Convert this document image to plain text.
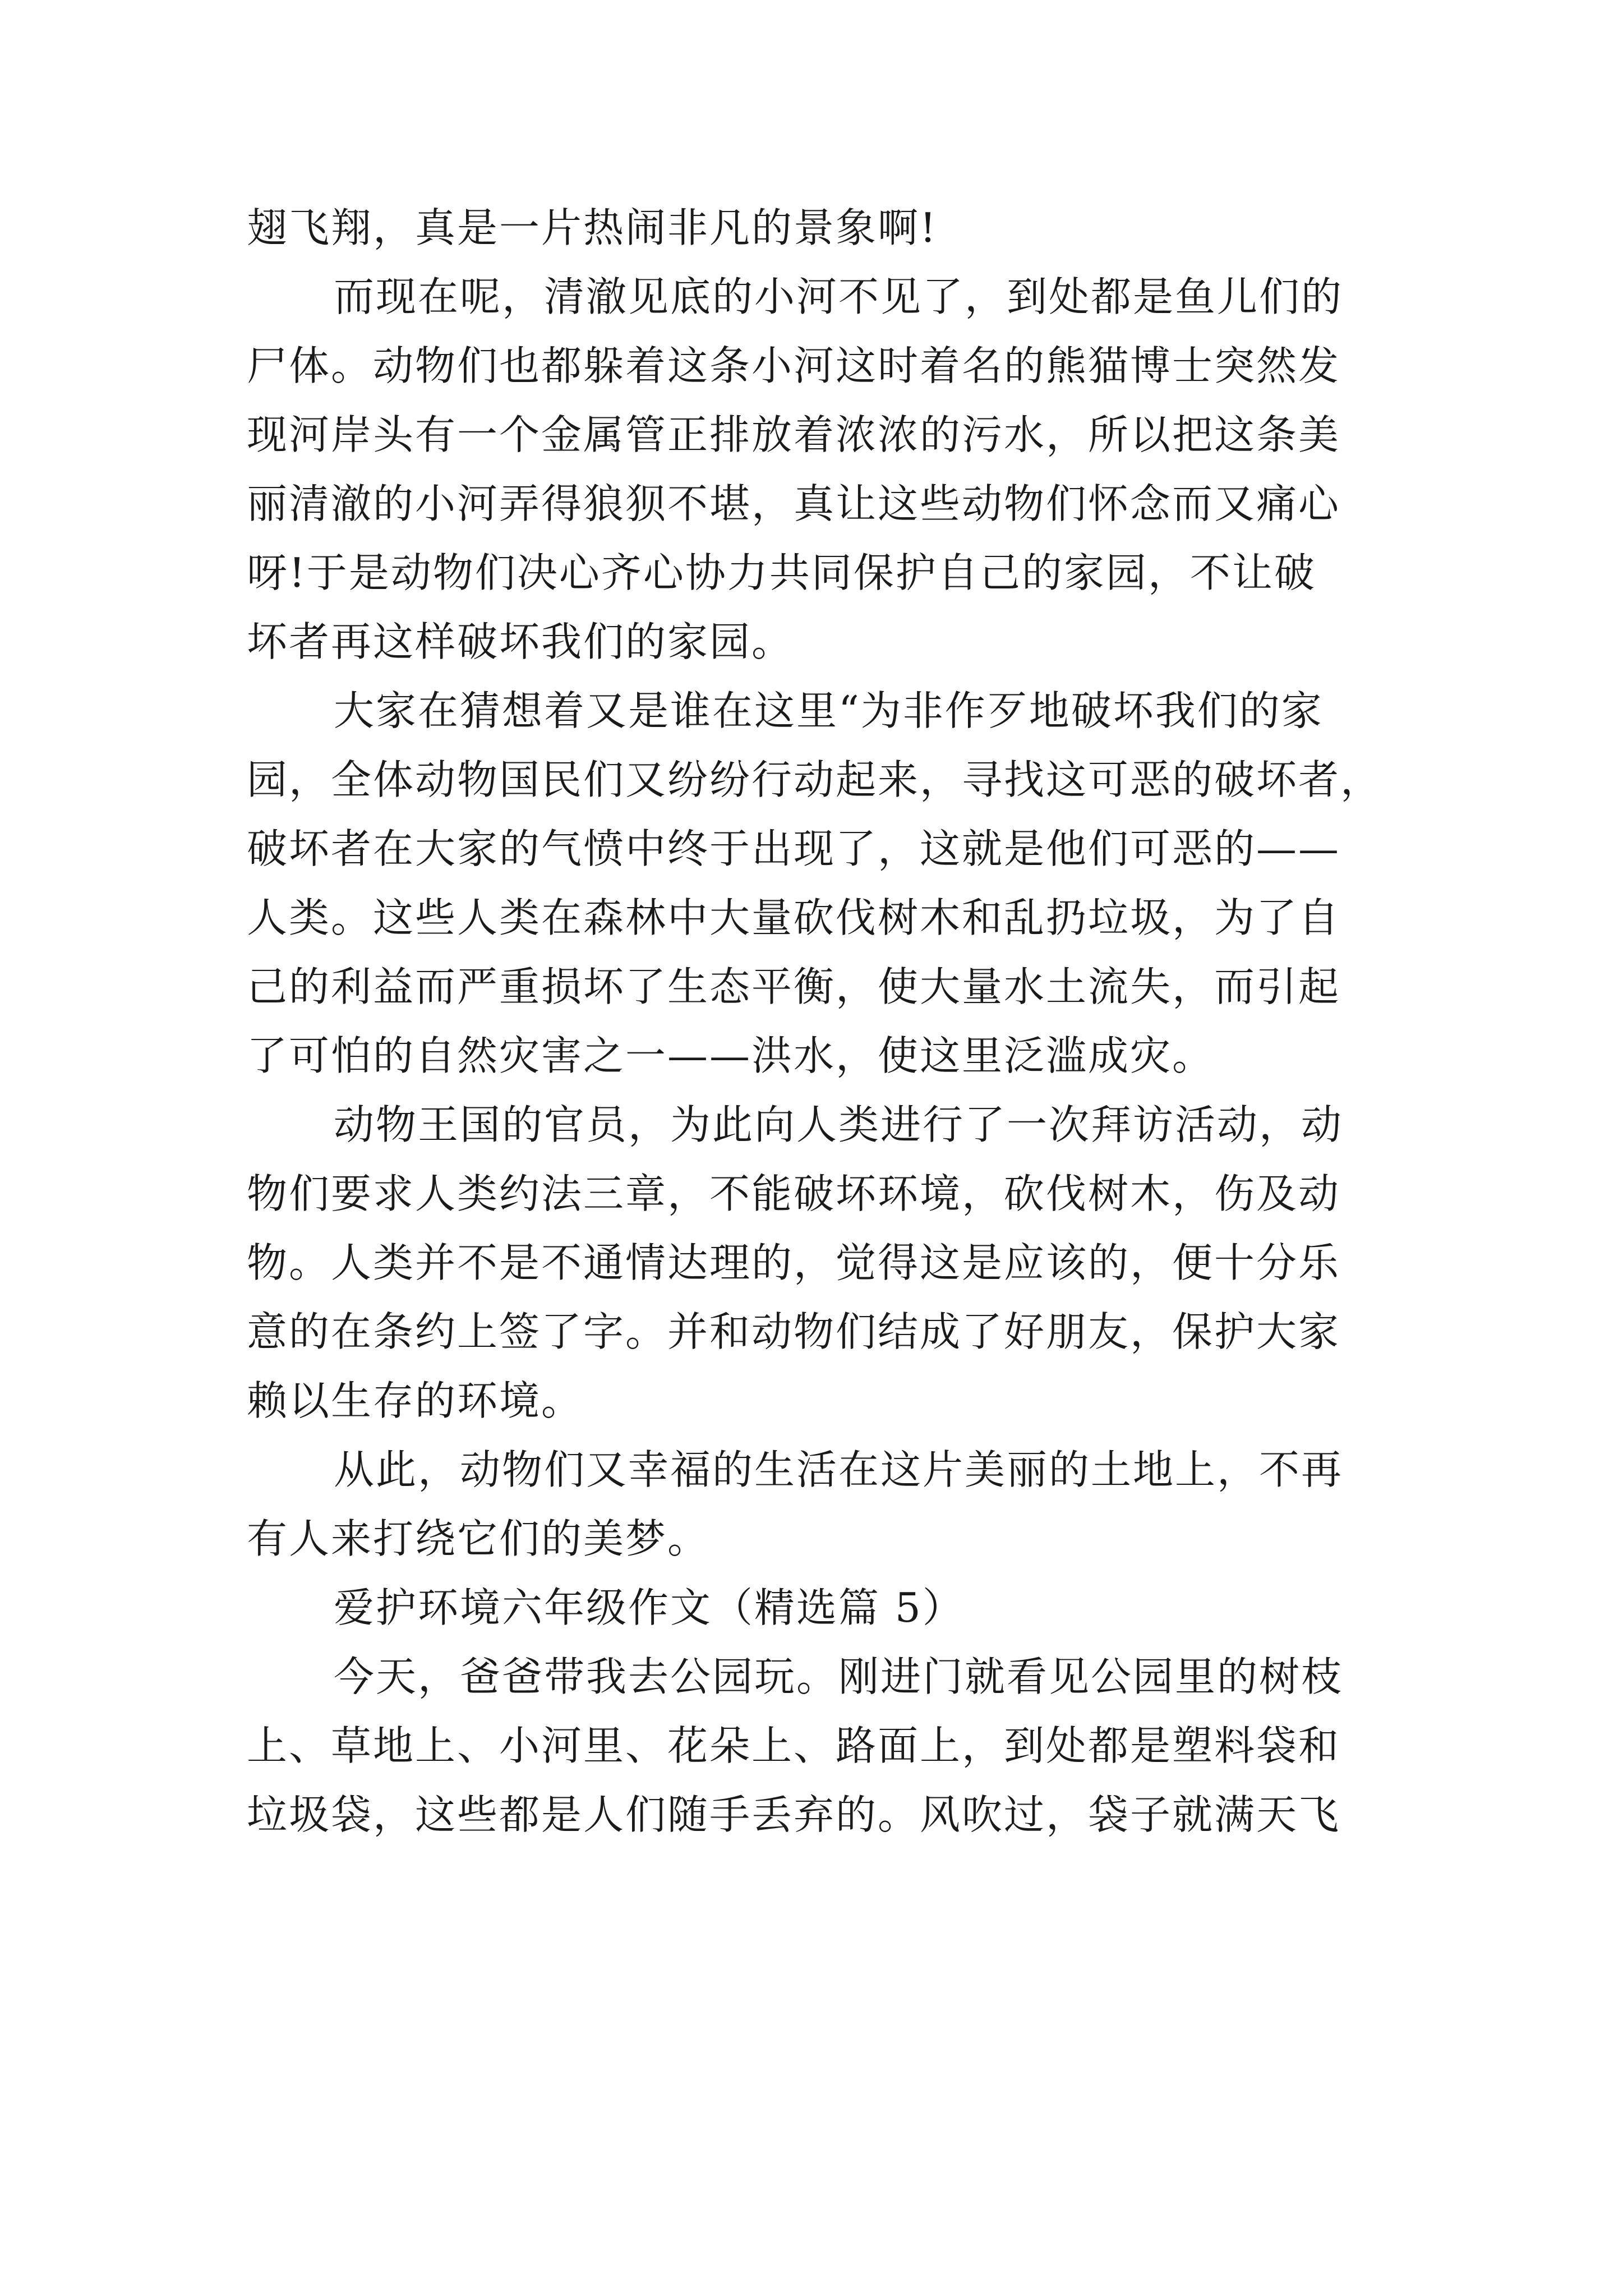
翅飞翔，真是一片热闹非凡的景象啊!
而现在呢，清澈见底的小河不见了，到处都是鱼儿们的
尸体。动物们也都躲着这条小河这时着名的熊猫博士突然发
现河岸头有一个金属管正排放着浓浓的污水，所以把这条美
丽清澈的小河弄得狼狈不堪，真让这些动物们怀念而又痛心
呀!于是动物们决心齐心协力共同保护自己的家园，不让破
坏者再这样破坏我们的家园。
大家在猜想着又是谁在这里“为非作歹地破坏我们的家
园，全体动物国民们又纷纷行动起来，寻找这可恶的破坏者，
破坏者在大家的气愤中终于出现了，这就是他们可恶的——
人类。这些人类在森林中大量砍伐树木和乱扔垃圾，为了自
己的利益而严重损坏了生态平衡，使大量水土流失，而引起
了可怕的自然灾害之一——洪水，使这里泛滥成灾。
动物王国的官员，为此向人类进行了一次拜访活动，动
物们要求人类约法三章，不能破坏环境，砍伐树木，伤及动
物。人类并不是不通情达理的，觉得这是应该的，便十分乐
意的在条约上签了字。并和动物们结成了好朋友，保护大家
赖以生存的环境。
从此，动物们又幸福的生活在这片美丽的土地上，不再
有人来打绕它们的美梦。
爱护环境六年级作文（精选篇 5）
今天，爸爸带我去公园玩。刚进门就看见公园里的树枝
上、草地上、小河里、花朵上、路面上，到处都是塑料袋和
垃圾袋，这些都是人们随手丢弃的。风吹过，袋子就满天飞
